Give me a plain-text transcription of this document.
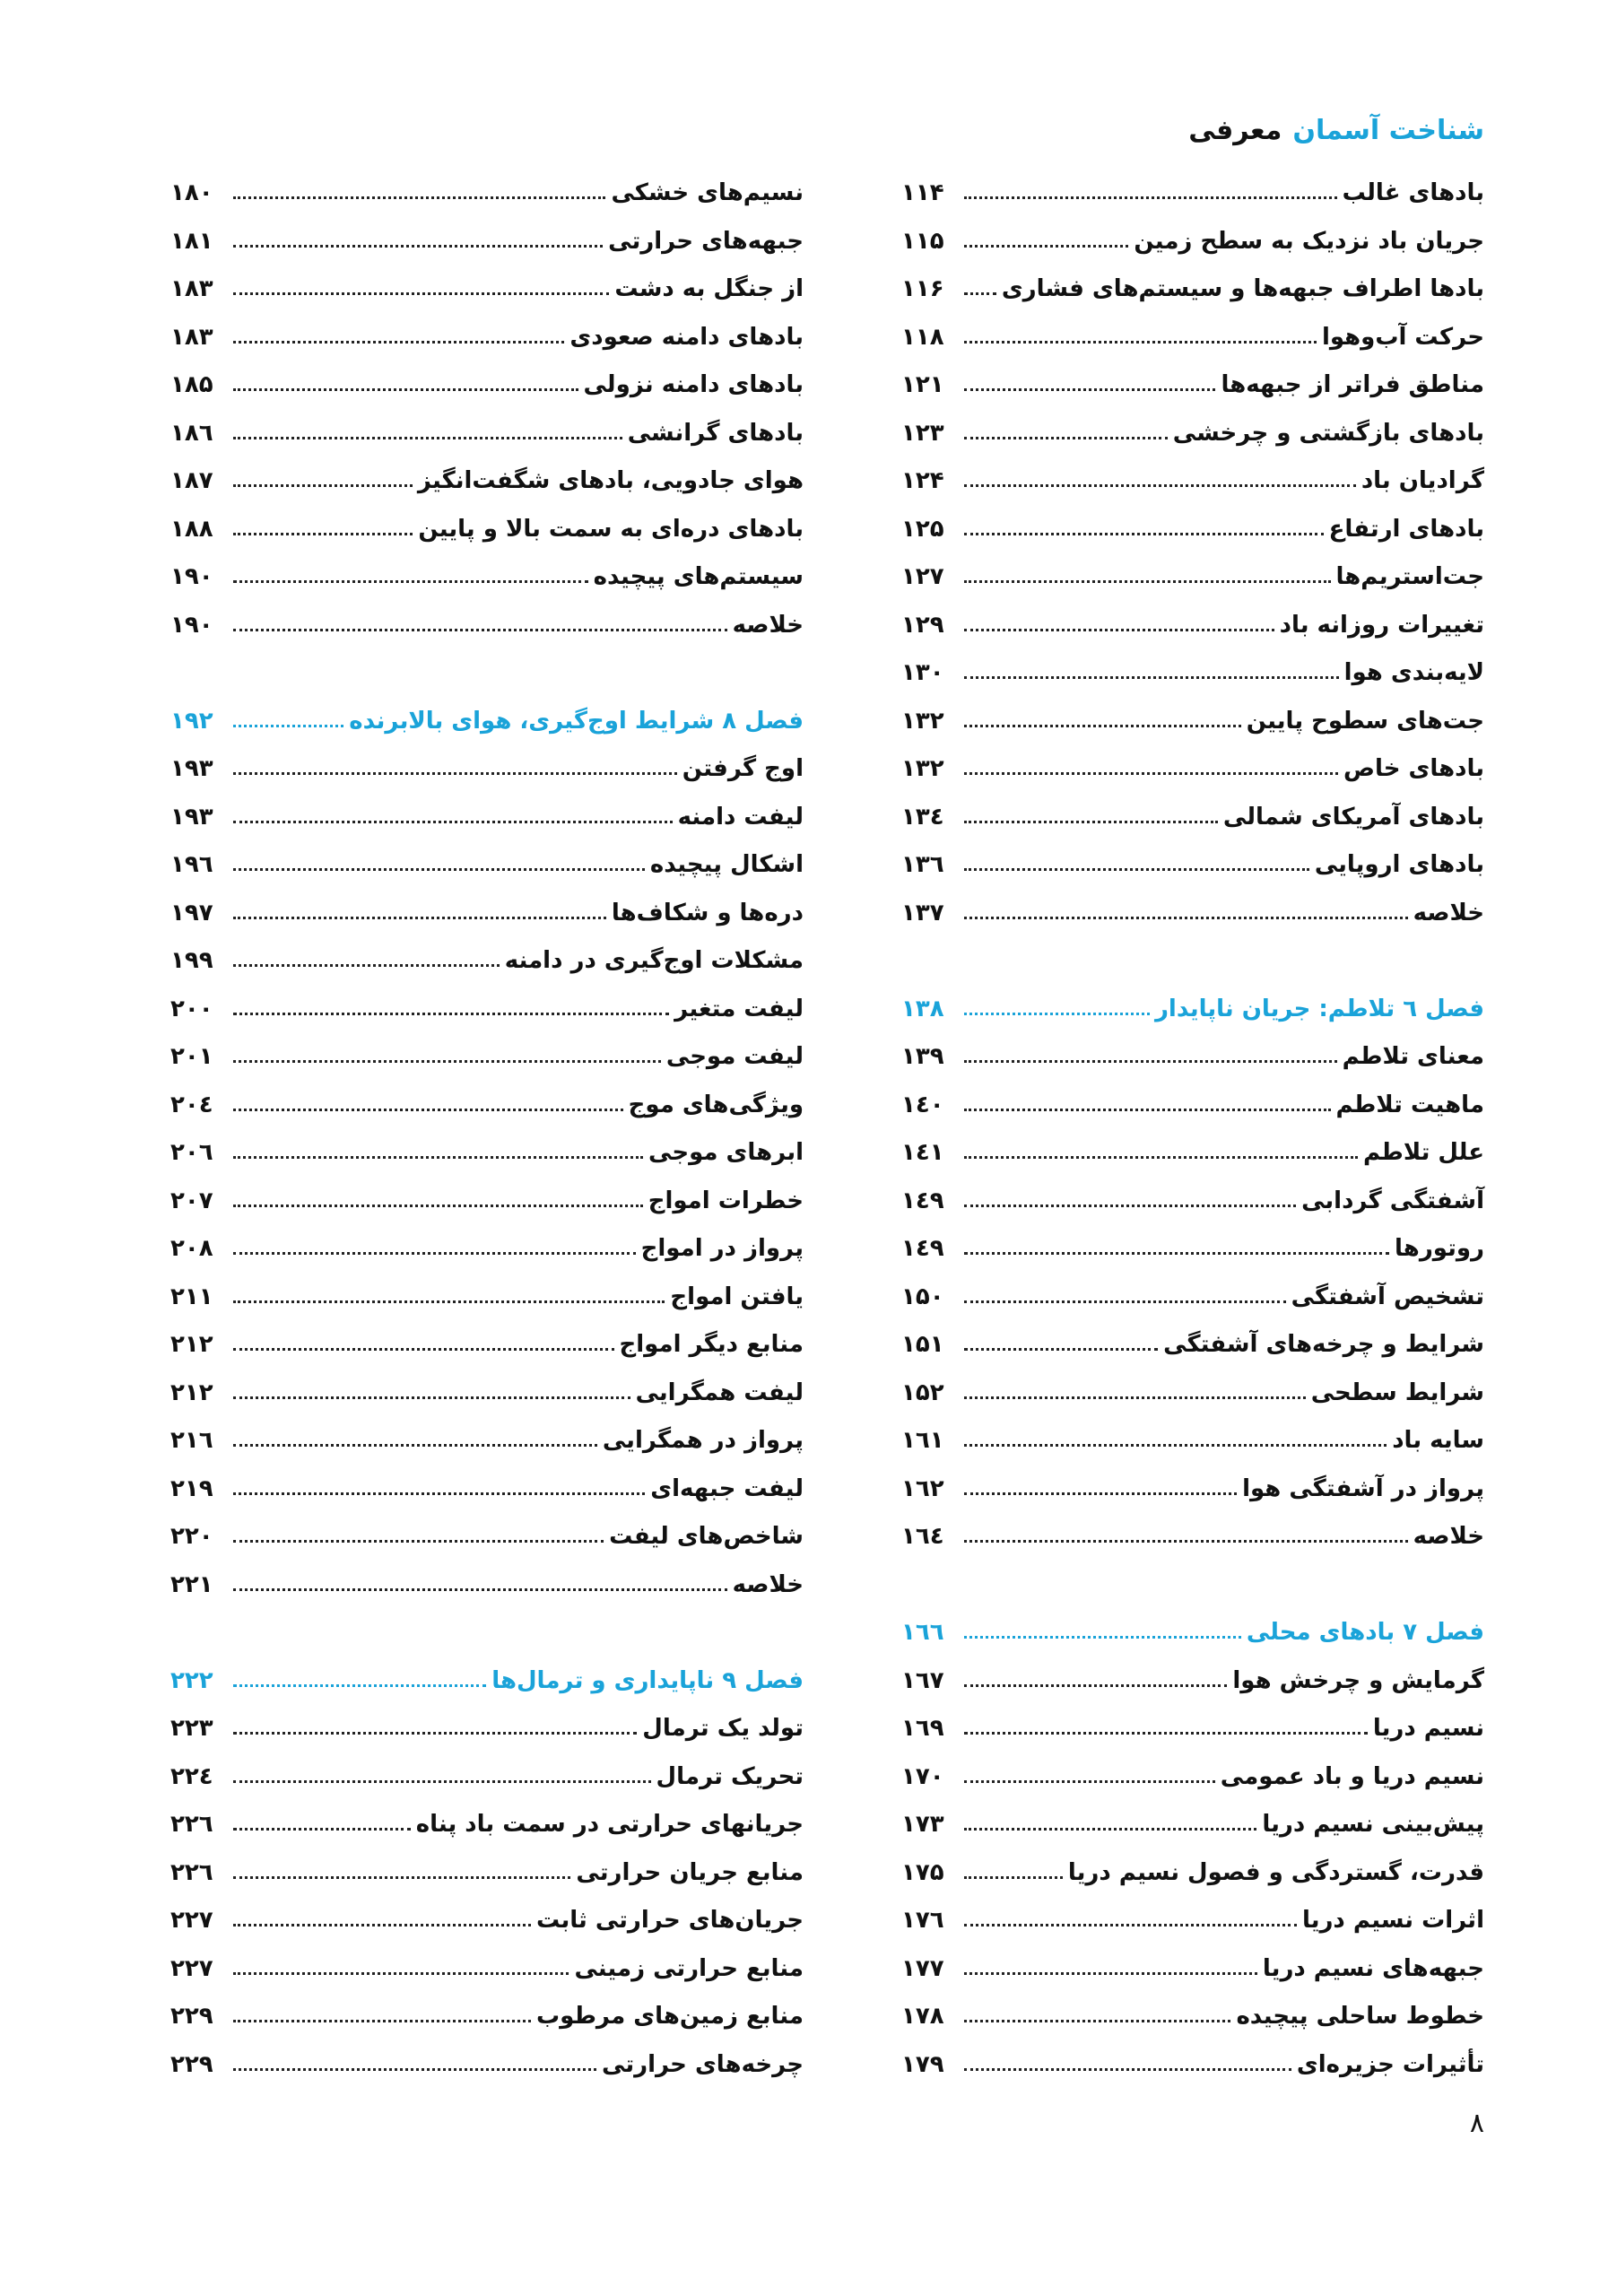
شناخت آسمان
معرفی
بادهای غالب
۱۱۴
جریان باد نزدیک به سطح زمین
۱۱۵
بادها اطراف جبهه‌ها و سیستم‌های فشاری
۱۱۶
حرکت آب‌وهوا
۱۱۸
مناطق فراتر از جبهه‌ها
۱۲۱
بادهای بازگشتی و چرخشی
۱۲۳
گرادیان باد
۱۲۴
بادهای ارتفاع
۱۲۵
جت‌استریم‌ها
۱۲۷
تغییرات روزانه باد
۱۲۹
لایه‌بندی هوا
۱۳۰
جت‌های سطوح پایین
۱۳۲
بادهای خاص
۱۳۲
بادهای آمریکای شمالی
۱۳٤
بادهای اروپایی
۱۳٦
خلاصه
۱۳۷
فصل ٦ تلاطم: جریان ناپایدار
۱۳۸
معنای تلاطم
۱۳۹
ماهیت تلاطم
۱٤۰
علل تلاطم
۱٤۱
آشفتگی گردابی
۱٤۹
روتورها
۱٤۹
تشخیص آشفتگی
۱۵۰
شرایط و چرخه‌های آشفتگی
۱۵۱
شرایط سطحی
۱۵۲
سایه باد
۱٦۱
پرواز در آشفتگی هوا
۱٦۲
خلاصه
۱٦٤
فصل ۷ بادهای محلی
۱٦٦
گرمایش و چرخش هوا
۱٦۷
نسیم دریا
۱٦۹
نسیم دریا و باد عمومی
۱۷۰
پیش‌بینی نسیم دریا
۱۷۳
قدرت، گستردگی و فصول نسیم دریا
۱۷۵
اثرات نسیم دریا
۱۷٦
جبهه‌های نسیم دریا
۱۷۷
خطوط ساحلی پیچیده
۱۷۸
تأثیرات جزیره‌ای
۱۷۹
نسیم‌های خشکی
۱۸۰
جبهه‌های حرارتی
۱۸۱
از جنگل به دشت
۱۸۳
بادهای دامنه صعودی
۱۸۳
بادهای دامنه نزولی
۱۸۵
بادهای گرانشی
۱۸٦
هوای جادویی، بادهای شگفت‌انگیز
۱۸۷
بادهای دره‌ای به سمت بالا و پایین
۱۸۸
سیستم‌های پیچیده
۱۹۰
خلاصه
۱۹۰
فصل ۸ شرایط اوج‌گیری، هوای بالابرنده
۱۹۲
اوج گرفتن
۱۹۳
لیفت دامنه
۱۹۳
اشکال پیچیده
۱۹٦
دره‌ها و شکاف‌ها
۱۹۷
مشکلات اوج‌گیری در دامنه
۱۹۹
لیفت متغیر
۲۰۰
لیفت موجی
۲۰۱
ویژگی‌های موج
۲۰٤
ابرهای موجی
۲۰٦
خطرات امواج
۲۰۷
پرواز در امواج
۲۰۸
یافتن امواج
۲۱۱
منابع دیگر امواج
۲۱۲
لیفت همگرایی
۲۱۲
پرواز در همگرایی
۲۱٦
لیفت جبهه‌ای
۲۱۹
شاخص‌های لیفت
۲۲۰
خلاصه
۲۲۱
فصل ۹ ناپایداری و ترمال‌ها
۲۲۲
تولد یک ترمال
۲۲۳
تحریک ترمال
۲۲٤
جریانهای حرارتی در سمت باد پناه
۲۲٦
منابع جریان حرارتی
۲۲٦
جریان‌های حرارتی ثابت
۲۲۷
منابع حرارتی زمینی
۲۲۷
منابع زمین‌های مرطوب
۲۲۹
چرخه‌های حرارتی
۲۲۹
۸
